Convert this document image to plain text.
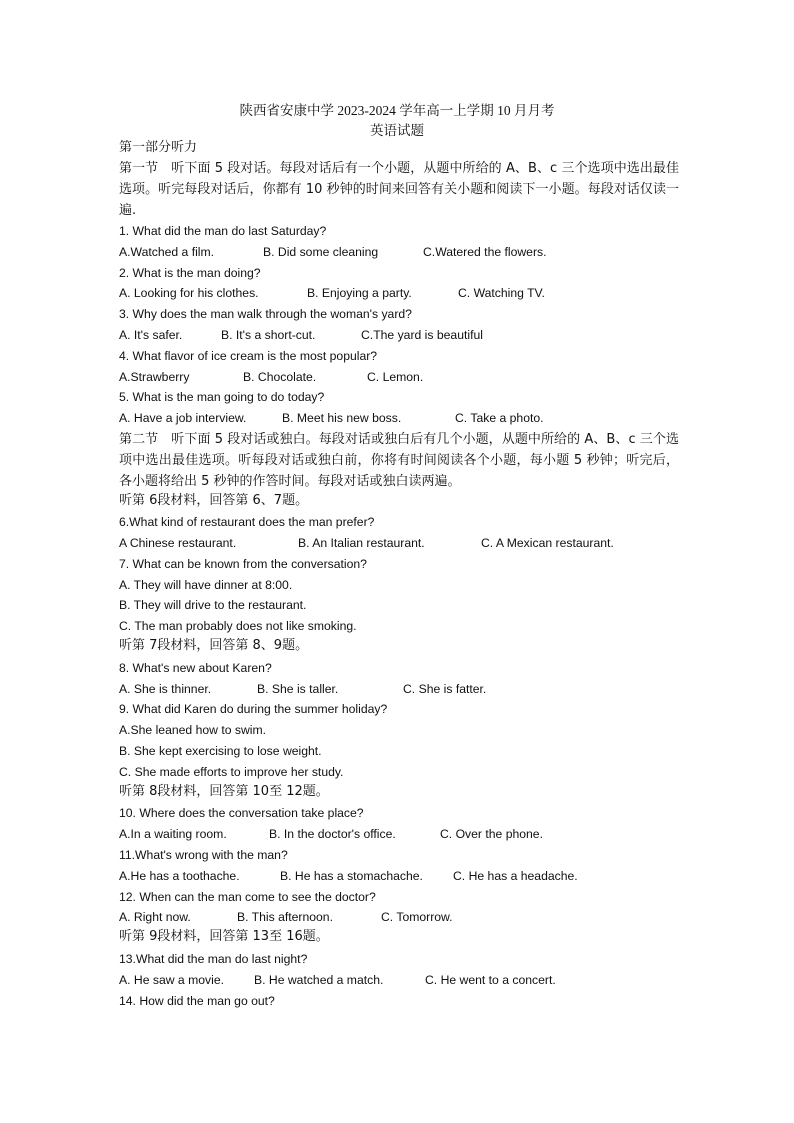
陕西省安康中学 2023-2024 学年高一上学期 10 月月考
英语试题
第一部分听力
第一节　听下面 5 段对话。每段对话后有一个小题，从题中所给的 A、B、c 三个选项中选出最佳选项。听完每段对话后，你都有 10 秒钟的时间来回答有关小题和阅读下一小题。每段对话仅读一遍.
1. What did the man do last Saturday?
A.Watched a film.	B. Did some cleaning	C.Watered the flowers.
2. What is the man doing?
A. Looking for his clothes.	B. Enjoying a party.	C. Watching TV.
3. Why does the man walk through the woman's yard?
A. It's safer.	B. It's a short-cut.	C.The yard is beautiful
4. What flavor of ice cream is the most popular?
A.Strawberry	B. Chocolate.	C. Lemon.
5. What is the man going to do today?
A. Have a job interview.	B. Meet his new boss.	C. Take a photo.
第二节　听下面 5 段对话或独白。每段对话或独白后有几个小题，从题中所给的 A、B、c 三个选项中选出最佳选项。听每段对话或独白前，你将有时间阅读各个小题，每小题 5 秒钟；听完后，各小题将给出 5 秒钟的作答时间。每段对话或独白读两遍。
听第 6段材料，回答第 6、7题。
6.What kind of restaurant does the man prefer?
A Chinese restaurant.	B. An Italian restaurant.	C. A Mexican restaurant.
7. What can be known from the conversation?
A. They will have dinner at 8:00.
B. They will drive to the restaurant.
C. The man probably does not like smoking.
听第 7段材料，回答第 8、9题。
8. What's new about Karen?
A. She is thinner.	B. She is taller.	C. She is fatter.
9. What did Karen do during the summer holiday?
A.She leaned how to swim.
B. She kept exercising to lose weight.
C. She made efforts to improve her study.
听第 8段材料，回答第 10至 12题。
10. Where does the conversation take place?
A.In a waiting room.	B. In the doctor's office.	C. Over the phone.
11.What's wrong with the man?
A.He has a toothache.	B. He has a stomachache. C. He has a headache.
12. When can the man come to see the doctor?
A. Right now.	B. This afternoon.	C. Tomorrow.
听第 9段材料，回答第 13至 16题。
13.What did the man do last night?
A. He saw a movie. B. He watched a match.	C. He went to a concert.
14. How did the man go out?
